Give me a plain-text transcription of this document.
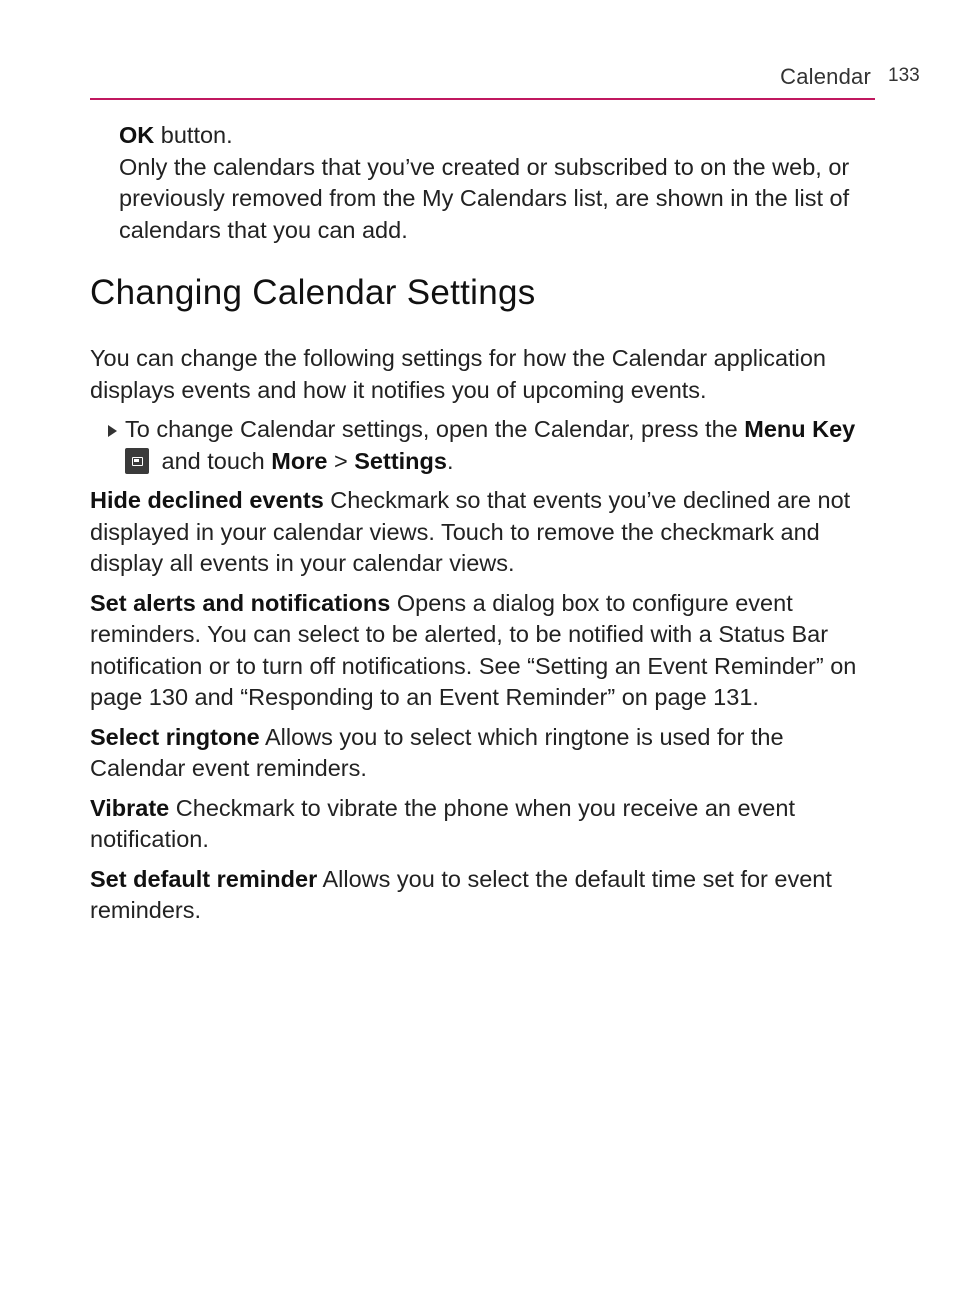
Calendar 133

OK button.

Only the calendars that you’ve created or subscribed to on the web, or previously removed from the My Calendars list, are shown in the list of calendars that you can add.

Changing Calendar Settings

You can change the following settings for how the Calendar application displays events and how it notifies you of upcoming events.

To change Calendar settings, open the Calendar, press the Menu Key
and touch More > Settings.

Hide declined events Checkmark so that events you’ve declined are not displayed in your calendar views. Touch to remove the checkmark and display all events in your calendar views.

Set alerts and notifications Opens a dialog box to configure event reminders. You can select to be alerted, to be notified with a Status Bar notification or to turn off notifications. See “Setting an Event Reminder” on page 130 and “Responding to an Event Reminder” on page 131.

Select ringtone Allows you to select which ringtone is used for the Calendar event reminders.

Vibrate Checkmark to vibrate the phone when you receive an event notification.

Set default reminder Allows you to select the default time set for event reminders.
